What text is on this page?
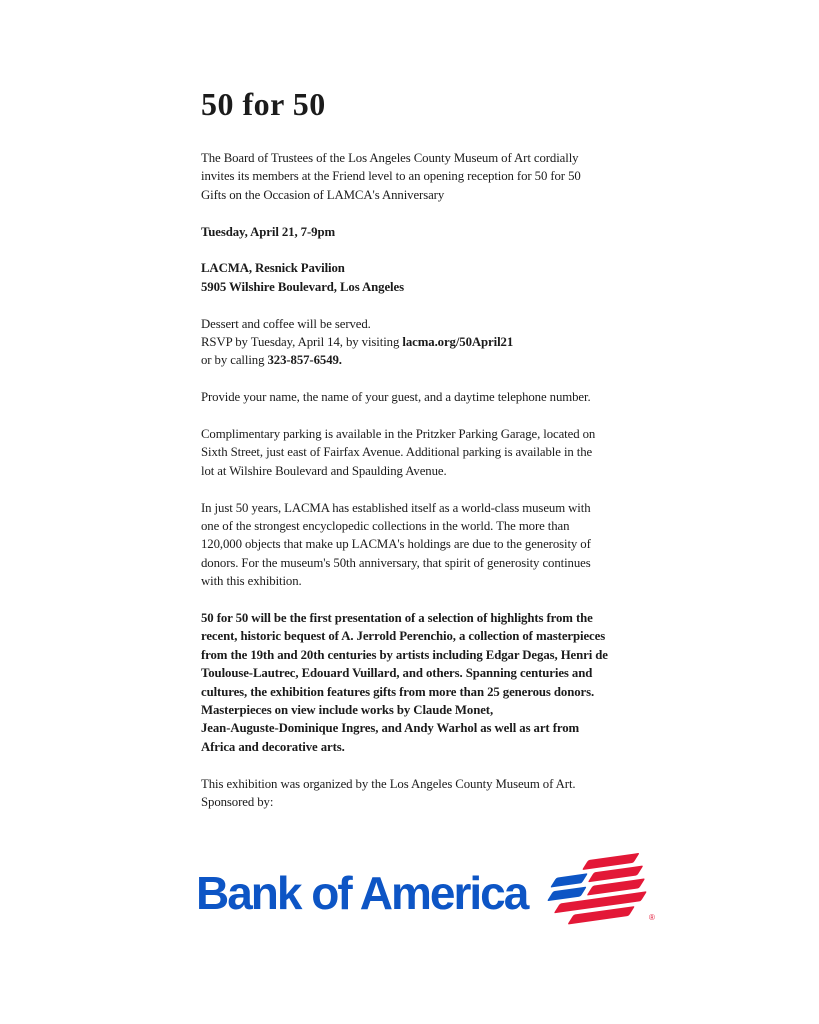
50 for 50

The Board of Trustees of the Los Angeles County Museum of Art cordially
invites its members at the Friend level to an opening reception for 50 for 50
Gifts on the Occasion of LAMCA's Anniversary

Tuesday, April 21, 7-9pm

LACMA, Resnick Pavilion
5905 Wilshire Boulevard, Los Angeles

Dessert and coffee will be served.
RSVP by Tuesday, April 14, by visiting lacma.org/50April21
or by calling 323-857-6549.

Provide your name, the name of your guest, and a daytime telephone number.

Complimentary parking is available in the Pritzker Parking Garage, located on
Sixth Street, just east of Fairfax Avenue. Additional parking is available in the
lot at Wilshire Boulevard and Spaulding Avenue.

In just 50 years, LACMA has established itself as a world-class museum with
one of the strongest encyclopedic collections in the world. The more than
120,000 objects that make up LACMA's holdings are due to the generosity of
donors. For the museum's 50th anniversary, that spirit of generosity continues
with this exhibition.

50 for 50 will be the first presentation of a selection of highlights from the
recent, historic bequest of A. Jerrold Perenchio, a collection of masterpieces
from the 19th and 20th centuries by artists including Edgar Degas, Henri de
Toulouse-Lautrec, Edouard Vuillard, and others. Spanning centuries and
cultures, the exhibition features gifts from more than 25 generous donors.
Masterpieces on view include works by Claude Monet,
Jean-Auguste-Dominique Ingres, and Andy Warhol as well as art from
Africa and decorative arts.

This exhibition was organized by the Los Angeles County Museum of Art.
Sponsored by:

Bank of America	®
